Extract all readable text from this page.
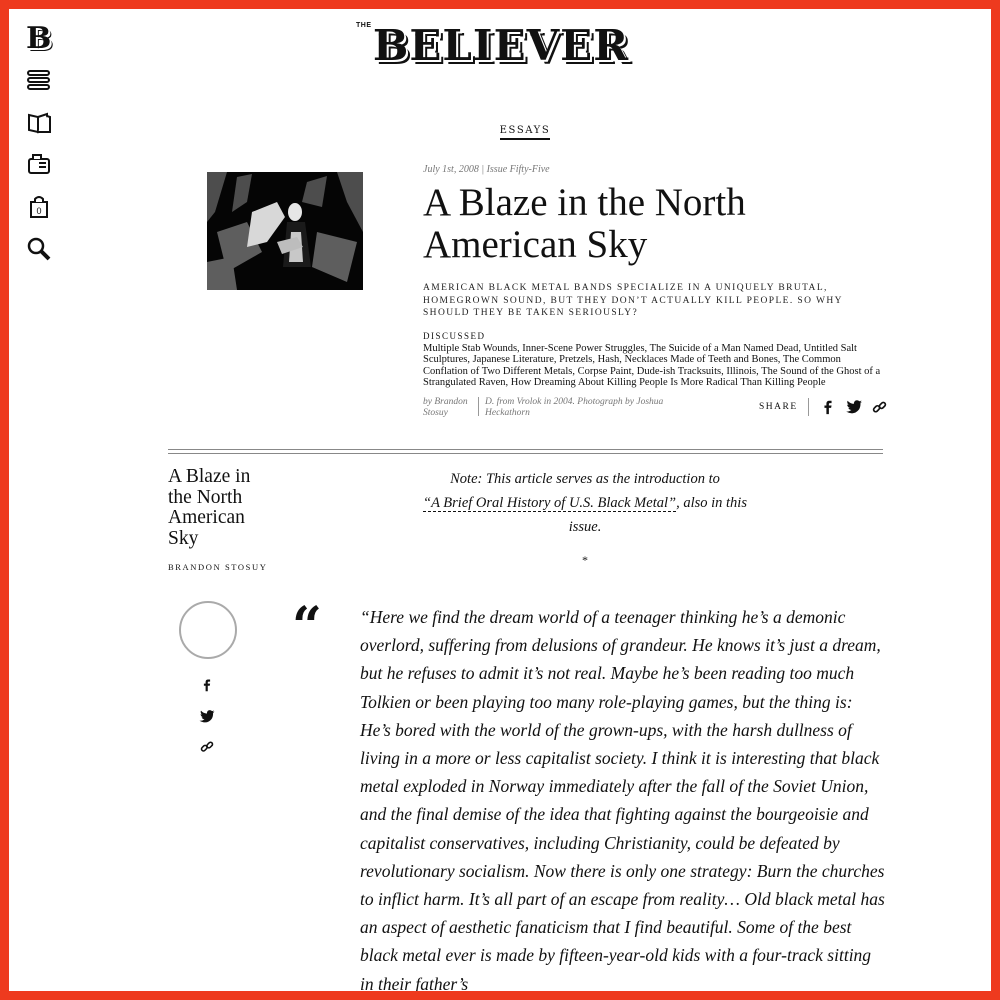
B
0
THE BELIEVER
ESSAYS
July 1st, 2008 | Issue Fifty-Five
A Blaze in the North American Sky

AMERICAN BLACK METAL BANDS SPECIALIZE IN A UNIQUELY BRUTAL, HOMEGROWN SOUND, BUT THEY DON’T ACTUALLY KILL PEOPLE. SO WHY SHOULD THEY BE TAKEN SERIOUSLY?

DISCUSSED

Multiple Stab Wounds, Inner-Scene Power Struggles, The Suicide of a Man Named Dead, Untitled Salt Sculptures, Japanese Literature, Pretzels, Hash, Necklaces Made of Teeth and Bones, The Common Conflation of Two Different Metals, Corpse Paint, Dude-ish Tracksuits, Illinois, The Sound of the Ghost of a Strangulated Raven, How Dreaming About Killing People Is More Radical Than Killing People

by Brandon Stosuy
D. from Vrolok in 2004. Photograph by Joshua Heckathorn
SHARE
A Blaze in the North American Sky
BRANDON STOSUY
Note: This article serves as the introduction to
“A Brief Oral History of U.S. Black Metal”, also in this issue.
*
“ “Here we find the dream world of a teenager thinking he’s a demonic overlord, suffering from delusions of grandeur. He knows it’s just a dream, but he refuses to admit it’s not real. Maybe he’s been reading too much Tolkien or been playing too many role-playing games, but the thing is: He’s bored with the world of the grown-ups, with the harsh dullness of living in a more or less capitalist society. I think it is interesting that black metal exploded in Norway immediately after the fall of the Soviet Union, and the final demise of the idea that fighting against the bourgeoisie and capitalist conservatives, including Christianity, could be defeated by revolutionary socialism. Now there is only one strategy: Burn the churches to inflict harm. It’s all part of an escape from reality… Old black metal has an aspect of aesthetic fanaticism that I find beautiful. Some of the best black metal ever is made by fifteen-year-old kids with a four-track sitting in their father’s
